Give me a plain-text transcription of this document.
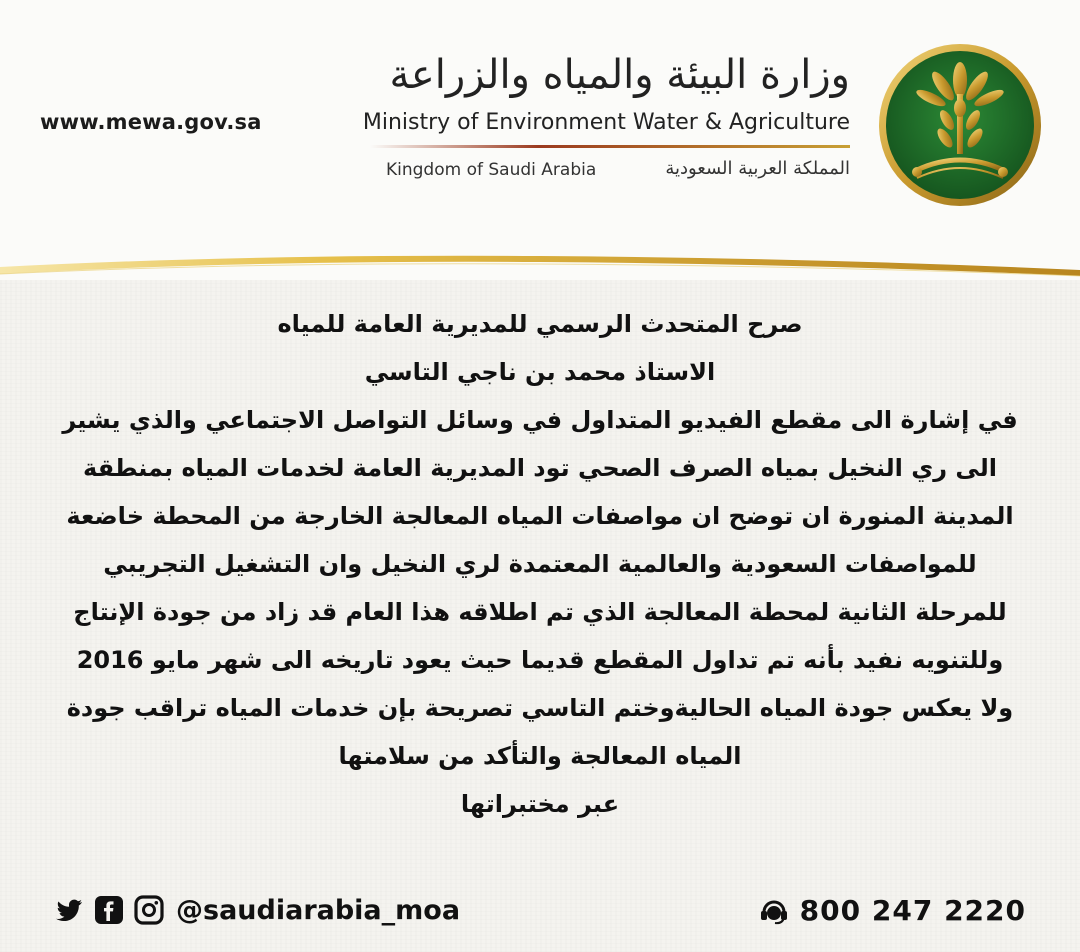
www.mewa.gov.sa
وزارة البيئة والمياه والزراعة
Ministry of Environment Water & Agriculture
Kingdom of Saudi Arabia	المملكة العربية السعودية
صرح المتحدث الرسمي للمديرية العامة للمياه
الاستاذ محمد بن ناجي التاسي
في إشارة الى مقطع الفيديو المتداول في وسائل التواصل الاجتماعي والذي يشير
الى ري النخيل بمياه الصرف الصحي تود المديرية العامة لخدمات المياه بمنطقة
المدينة المنورة ان توضح ان مواصفات المياه المعالجة الخارجة من المحطة خاضعة
للمواصفات السعودية والعالمية المعتمدة لري النخيل وان التشغيل التجريبي
للمرحلة الثانية لمحطة المعالجة الذي تم اطلاقه هذا العام قد زاد من جودة الإنتاج
وللتنويه نفيد بأنه تم تداول المقطع قديما حيث يعود تاريخه الى شهر مايو 2016
ولا يعكس جودة المياه الحاليةوختم التاسي تصريحة بإن خدمات المياه تراقب جودة
المياه المعالجة والتأكد من سلامتها
عبر مختبراتها
@saudiarabia_moa	800 247 2220
